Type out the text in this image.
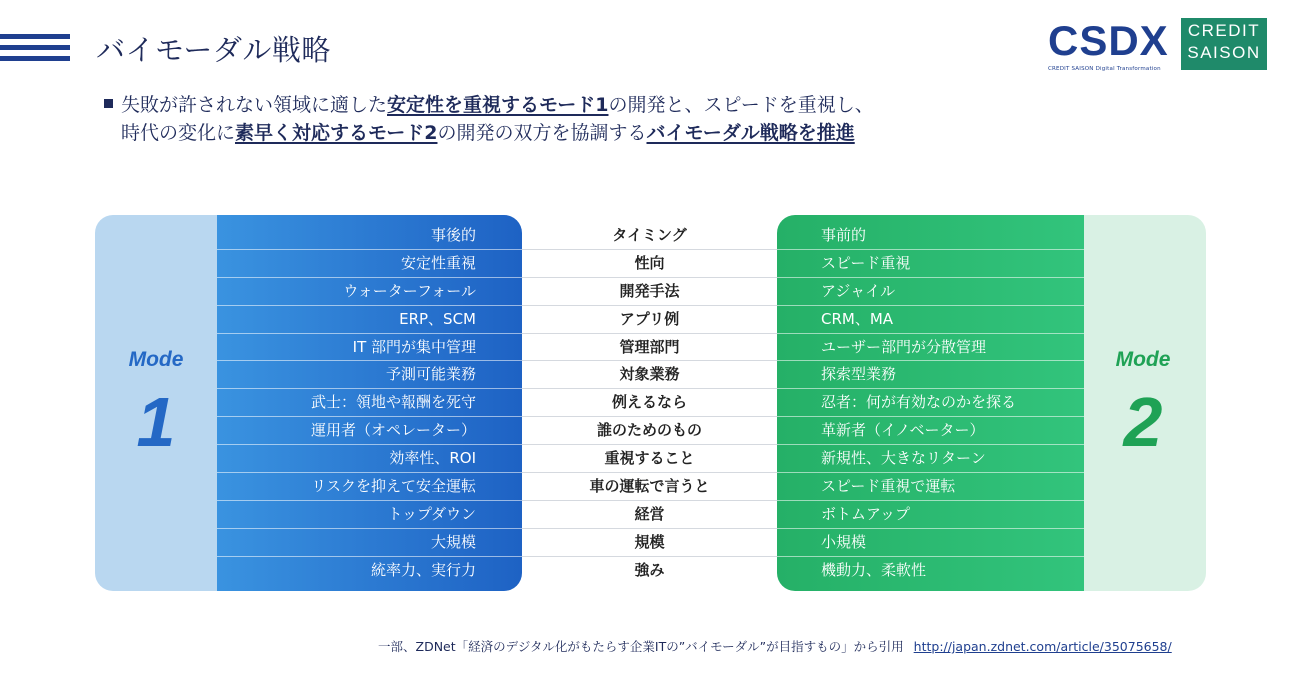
バイモーダル戦略	CSDX
CREDIT SAISON Digital Transformation
CREDIT
SAISON
失敗が許されない領域に適した安定性を重視するモード1の開発と、スピードを重視し、
時代の変化に素早く対応するモード2の開発の双方を協調するバイモーダル戦略を推進
Mode
1
Mode
2
事後的
安定性重視
ウォーターフォール
ERP、SCM
IT 部門が集中管理
予測可能業務
武士：領地や報酬を死守
運用者（オペレーター）
効率性、ROI
リスクを抑えて安全運転
トップダウン
大規模
統率力、実行力
タイミング
性向
開発手法
アプリ例
管理部門
対象業務
例えるなら
誰のためのもの
重視すること
車の運転で言うと
経営
規模
強み
事前的
スピード重視
アジャイル
CRM、MA
ユーザー部門が分散管理
探索型業務
忍者：何が有効なのかを探る
革新者（イノベーター）
新規性、大きなリターン
スピード重視で運転
ボトムアップ
小規模
機動力、柔軟性
一部、ZDNet「経済のデジタル化がもたらす企業ITの”バイモーダル”が目指すもの」から引用 http://japan.zdnet.com/article/35075658/
